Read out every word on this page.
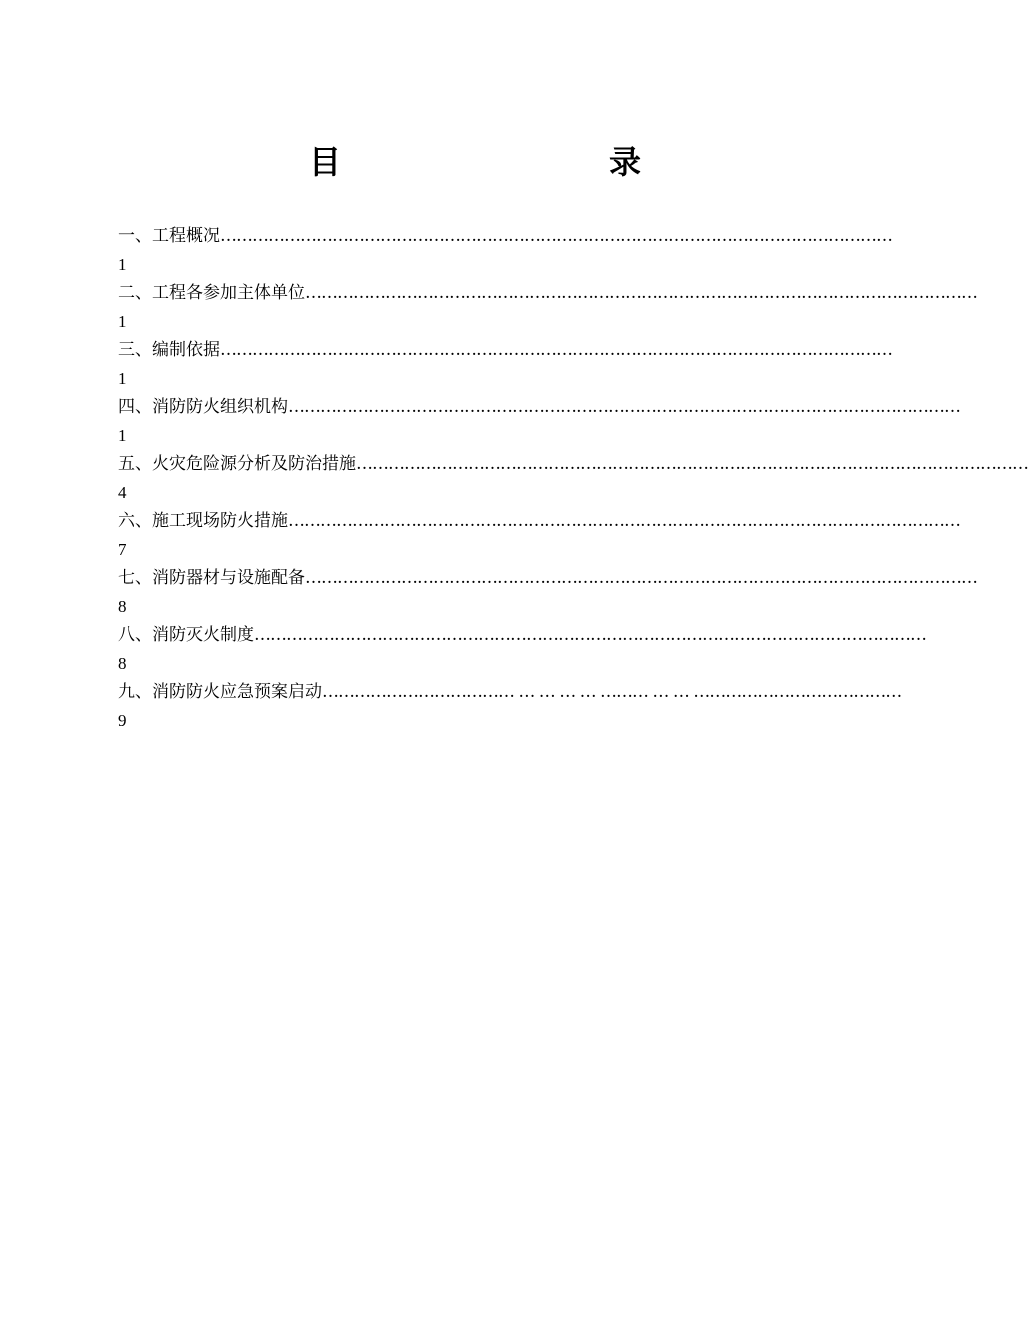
目　　录
一、工程概况 ………………………………………………………………………………………………………………
1
二、工程各参加主体单位 ………………………………………………………………………………………………………………
1
三、编制依据 ………………………………………………………………………………………………………………
1
四、消防防火组织机构 ………………………………………………………………………………………………………………
1
五、火灾危险源分析及防治措施 ………………………………………………………………………………………………………………
4
六、施工现场防火措施 ………………………………………………………………………………………………………………
7
七、消防器材与设施配备 ………………………………………………………………………………………………………………
8
八、消防灭火制度 ………………………………………………………………………………………………………………
8
九、消防防火应急预案启动 ……………………………… … … … … ……… … … …………………………………
9
